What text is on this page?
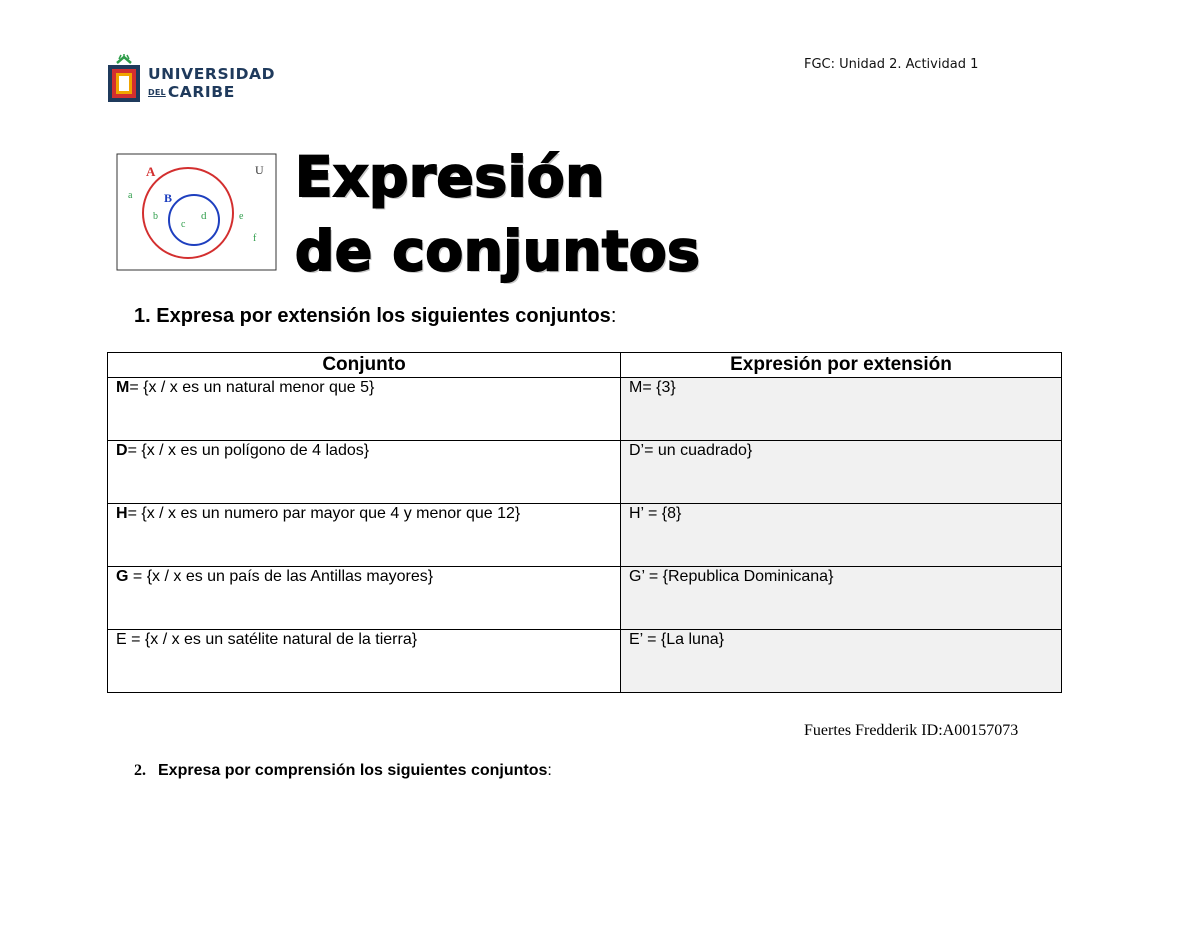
UNIVERSIDAD
DEL CARIBE
FGC: Unidad 2. Actividad 1
U
A
B
a
b
c
d	e
f
Expresión
de conjuntos
1. Expresa por extensión los siguientes conjuntos:
Conjunto	Expresión por extensión
M= {x / x es un natural menor que 5}	M= {3}
D= {x / x es un polígono de 4 lados}	D’= un cuadrado}
H= {x / x es un numero par mayor que 4 y menor que 12}	H’ = {8}
G = {x / x es un país de las Antillas mayores}	G’ = {Republica Dominicana}
E = {x / x es un satélite natural de la tierra}	E’ = {La luna}
Fuertes Fredderik ID:A00157073
2. Expresa por comprensión los siguientes conjuntos:
